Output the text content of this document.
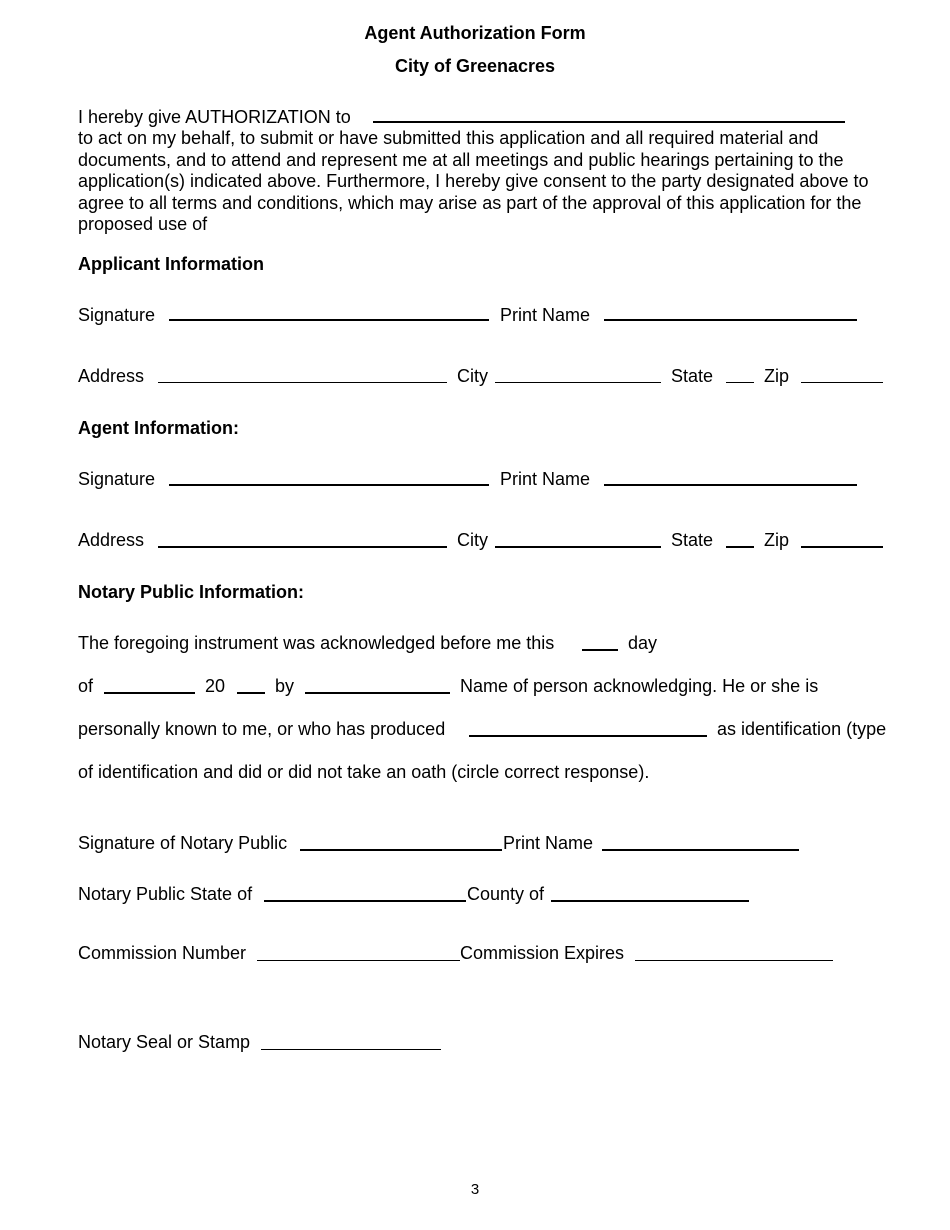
Agent Authorization Form
City of Greenacres
I hereby give AUTHORIZATION to
to act on my behalf, to submit or have submitted this application and all required material and documents, and to attend and represent me at all meetings and public hearings pertaining to the application(s) indicated above. Furthermore, I hereby give consent to the party designated above to agree to all terms and conditions, which may arise as part of the approval of this application for the proposed use of
Applicant Information
Signature	Print Name
Address	City	State	Zip
Agent Information:
Signature	Print Name
Address	City	State	Zip
Notary Public Information:
The foregoing instrument was acknowledged before me this	day
of	20	by	Name of person acknowledging. He or she is
personally known to me, or who has produced	as identification (type
of identification and did or did not take an oath (circle correct response).
Signature of Notary Public	Print Name
Notary Public State of	County of
Commission Number	Commission Expires
Notary Seal or Stamp
3
